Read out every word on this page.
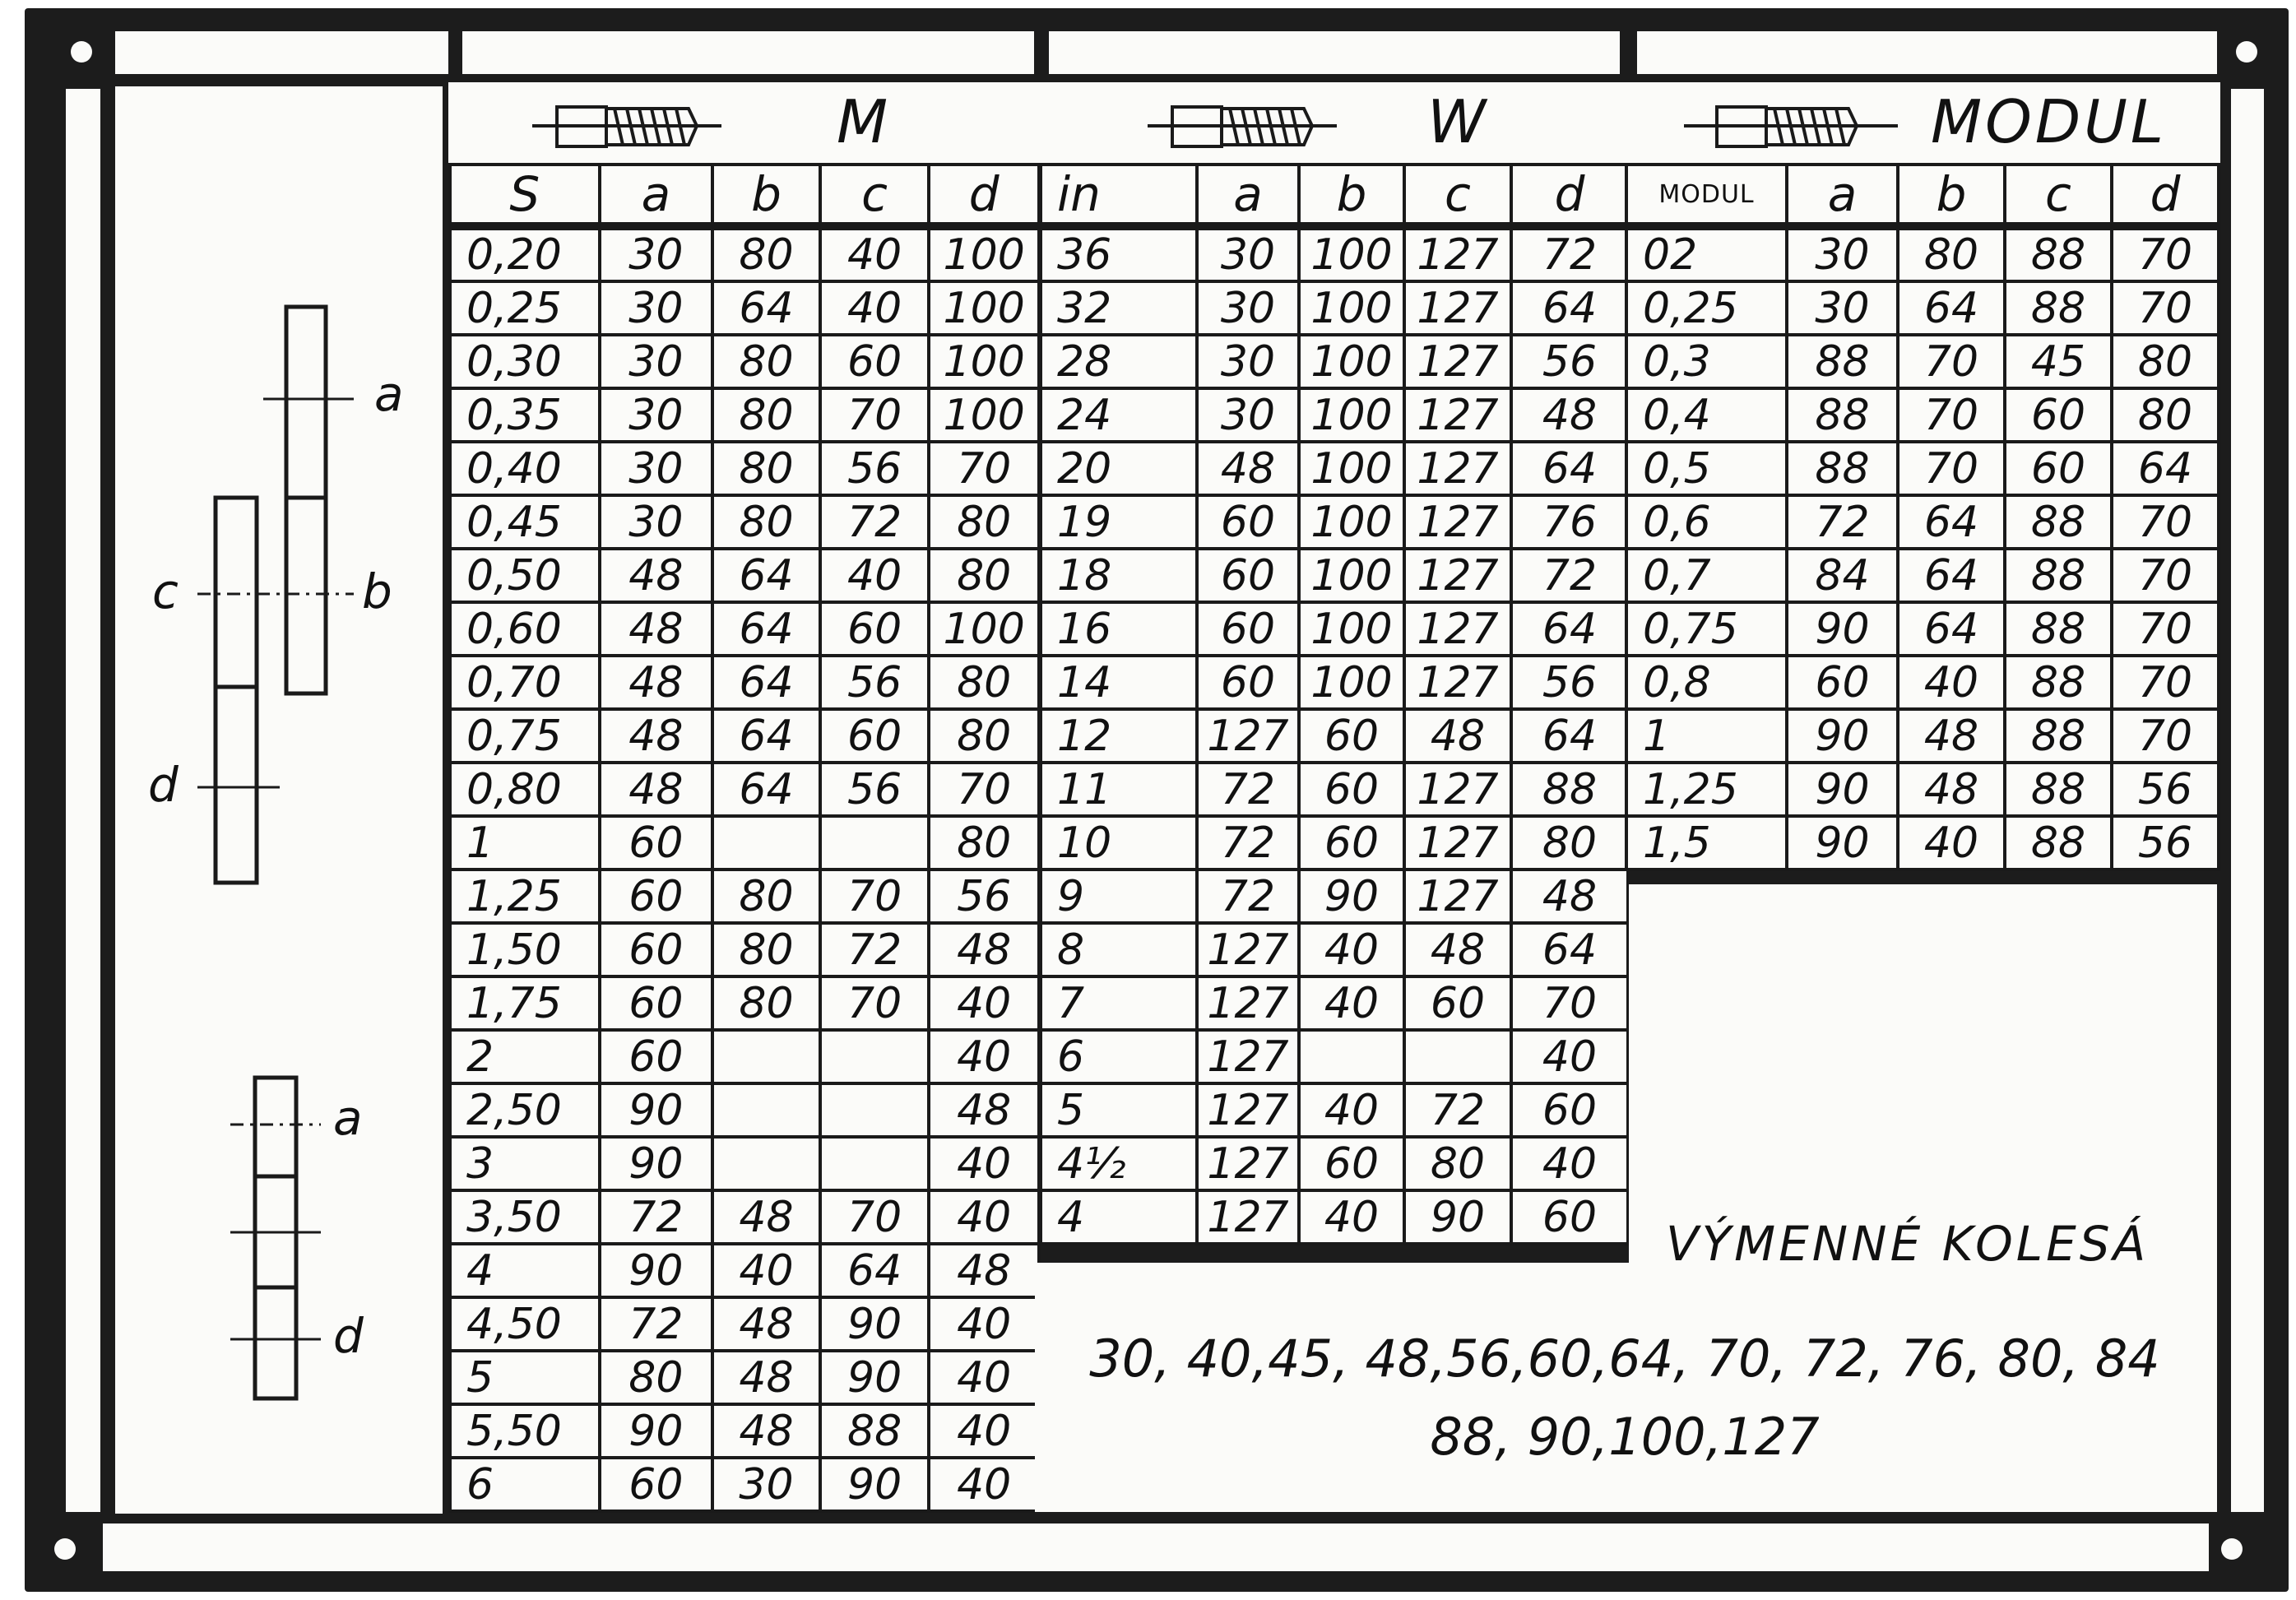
a
b
c
d
a
d
M				

S	a	b	c	d
0,20	30	80	40	100
0,25	30	64	40	100
0,30	30	80	60	100
0,35	30	80	70	100
0,40	30	80	56	70
0,45	30	80	72	80
0,50	48	64	40	80
0,60	48	64	60	100
0,70	48	64	56	80
0,75	48	64	60	80
0,80	48	64	56	70
1	60			80
1,25	60	80	70	56
1,50	60	80	72	48
1,75	60	80	70	40
2	60			40
2,50	90			48
3	90			40
3,50	72	48	70	40
4	90	40	64	48
4,50	72	48	90	40
5	80	48	90	40
5,50	90	48	88	40
6	60	30	90	40
W				

in	a	b	c	d
36	30	100	127	72
32	30	100	127	64
28	30	100	127	56
24	30	100	127	48
20	48	100	127	64
19	60	100	127	76
18	60	100	127	72
16	60	100	127	64
14	60	100	127	56
12	127	60	48	64
11	72	60	127	88
10	72	60	127	80
9	72	90	127	48
8	127	40	48	64
7	127	40	60	70
6	127			40
5	127	40	72	60
4½	127	60	80	40
4	127	40	90	60
MODUL				

MODUL	a	b	c	d
02	30	80	88	70
0,25	30	64	88	70
0,3	88	70	45	80
0,4	88	70	60	80
0,5	88	70	60	64
0,6	72	64	88	70
0,7	84	64	88	70
0,75	90	64	88	70
0,8	60	40	88	70
1	90	48	88	70
1,25	90	48	88	56
1,5	90	40	88	56
VÝMENNÉ KOLESÁ
30, 40,45, 48,56,60,64, 70, 72, 76, 80, 84
88, 90,100,127
